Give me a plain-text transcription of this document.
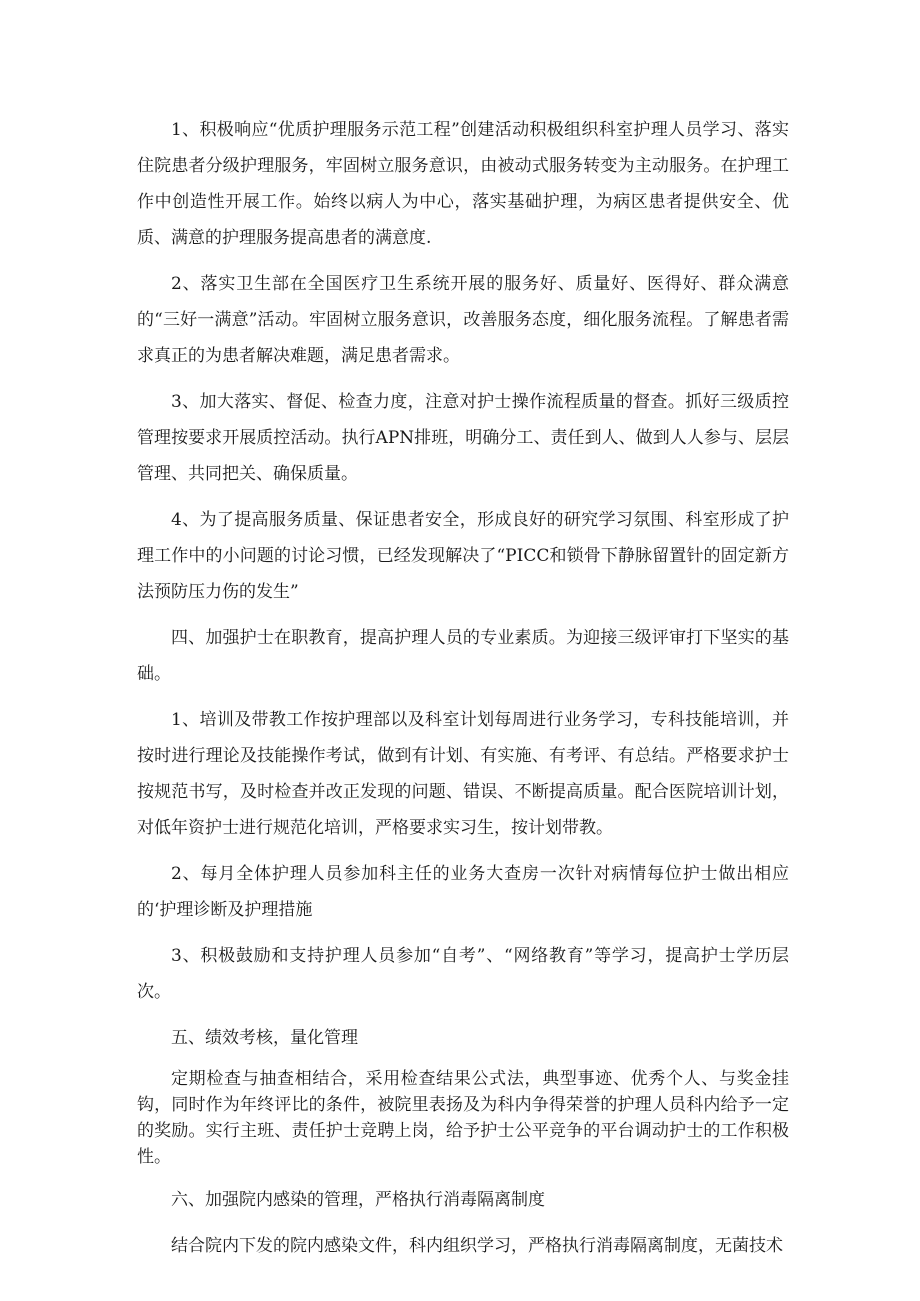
1、积极响应“优质护理服务示范工程”创建活动积极组织科室护理人员学习、落实住院患者分级护理服务，牢固树立服务意识，由被动式服务转变为主动服务。在护理工作中创造性开展工作。始终以病人为中心，落实基础护理，为病区患者提供安全、优质、满意的护理服务提高患者的满意度.

2、落实卫生部在全国医疗卫生系统开展的服务好、质量好、医得好、群众满意的“三好一满意”活动。牢固树立服务意识，改善服务态度，细化服务流程。了解患者需求真正的为患者解决难题，满足患者需求。

3、加大落实、督促、检查力度，注意对护士操作流程质量的督查。抓好三级质控管理按要求开展质控活动。执行APN排班，明确分工、责任到人、做到人人参与、层层管理、共同把关、确保质量。

4、为了提高服务质量、保证患者安全，形成良好的研究学习氛围、科室形成了护理工作中的小问题的讨论习惯，已经发现解决了“PICC和锁骨下静脉留置针的固定新方法预防压力伤的发生”

四、加强护士在职教育，提高护理人员的专业素质。为迎接三级评审打下坚实的基础。

1、培训及带教工作按护理部以及科室计划每周进行业务学习，专科技能培训，并按时进行理论及技能操作考试，做到有计划、有实施、有考评、有总结。严格要求护士按规范书写，及时检查并改正发现的问题、错误、不断提高质量。配合医院培训计划，对低年资护士进行规范化培训，严格要求实习生，按计划带教。

2、每月全体护理人员参加科主任的业务大查房一次针对病情每位护士做出相应的‘护理诊断及护理措施

3、积极鼓励和支持护理人员参加“自考”、“网络教育”等学习，提高护士学历层次。

五、绩效考核，量化管理

定期检查与抽查相结合，采用检查结果公式法，典型事迹、优秀个人、与奖金挂钩，同时作为年终评比的条件，被院里表扬及为科内争得荣誉的护理人员科内给予一定的奖励。实行主班、责任护士竞聘上岗，给予护士公平竞争的平台调动护士的工作积极性。

六、加强院内感染的管理，严格执行消毒隔离制度

结合院内下发的院内感染文件，科内组织学习，严格执行消毒隔离制度，无菌技术
